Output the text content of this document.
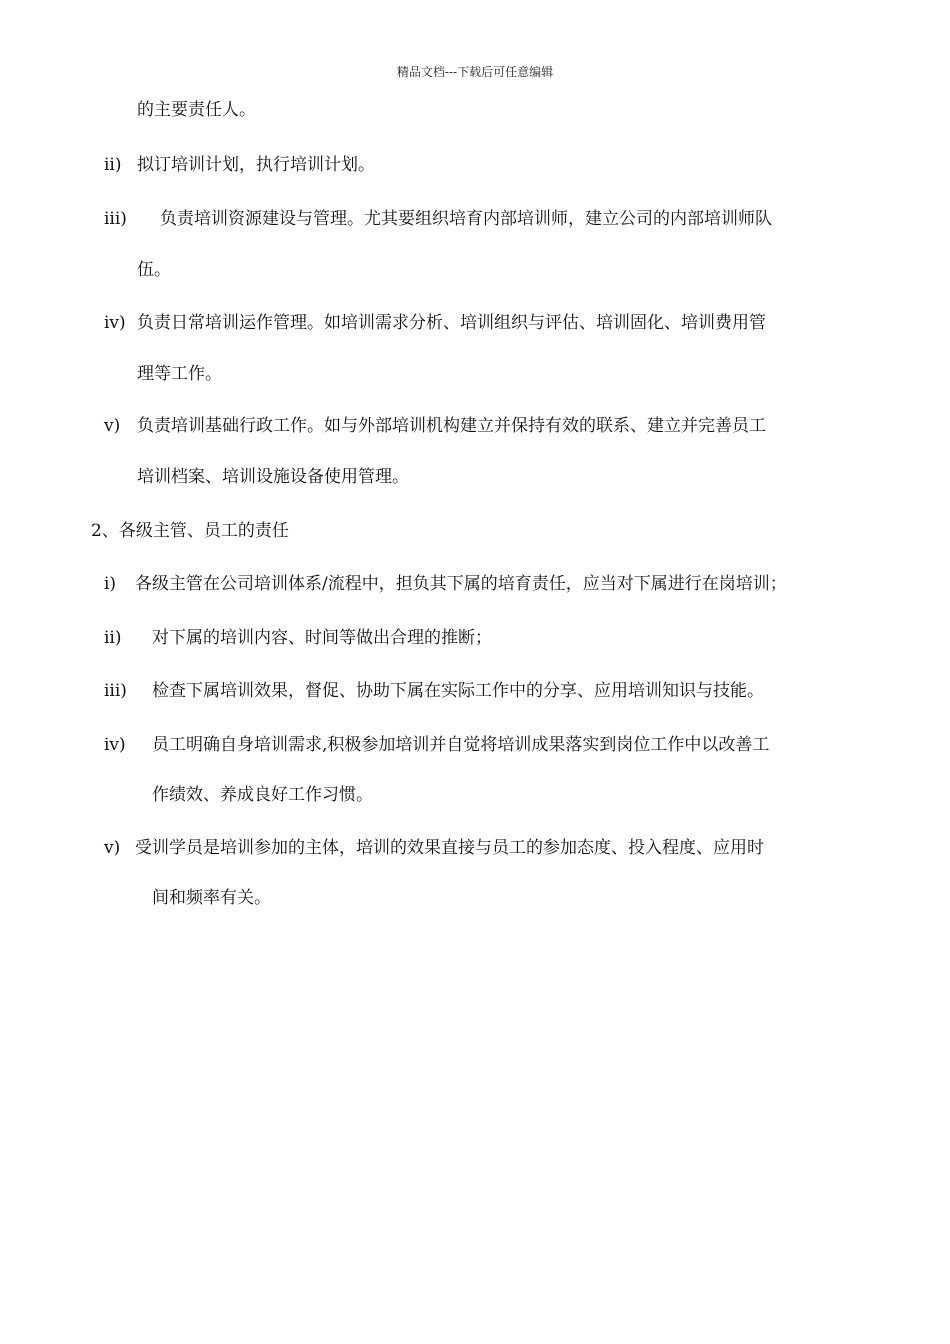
精品文档---下载后可任意编辑
的主要责任人。
ii) 拟订培训计划，执行培训计划。
iii) 负责培训资源建设与管理。尤其要组织培育内部培训师，建立公司的内部培训师队
伍。
iv) 负责日常培训运作管理。如培训需求分析、培训组织与评估、培训固化、培训费用管
理等工作。
v) 负责培训基础行政工作。如与外部培训机构建立并保持有效的联系、建立并完善员工
培训档案、培训设施设备使用管理。
2、各级主管、员工的责任
i) 各级主管在公司培训体系/流程中，担负其下属的培育责任，应当对下属进行在岗培训；
ii) 对下属的培训内容、时间等做出合理的推断；
iii) 检查下属培训效果，督促、协助下属在实际工作中的分享、应用培训知识与技能。
iv) 员工明确自身培训需求,积极参加培训并自觉将培训成果落实到岗位工作中以改善工
作绩效、养成良好工作习惯。
v) 受训学员是培训参加的主体，培训的效果直接与员工的参加态度、投入程度、应用时
间和频率有关。
